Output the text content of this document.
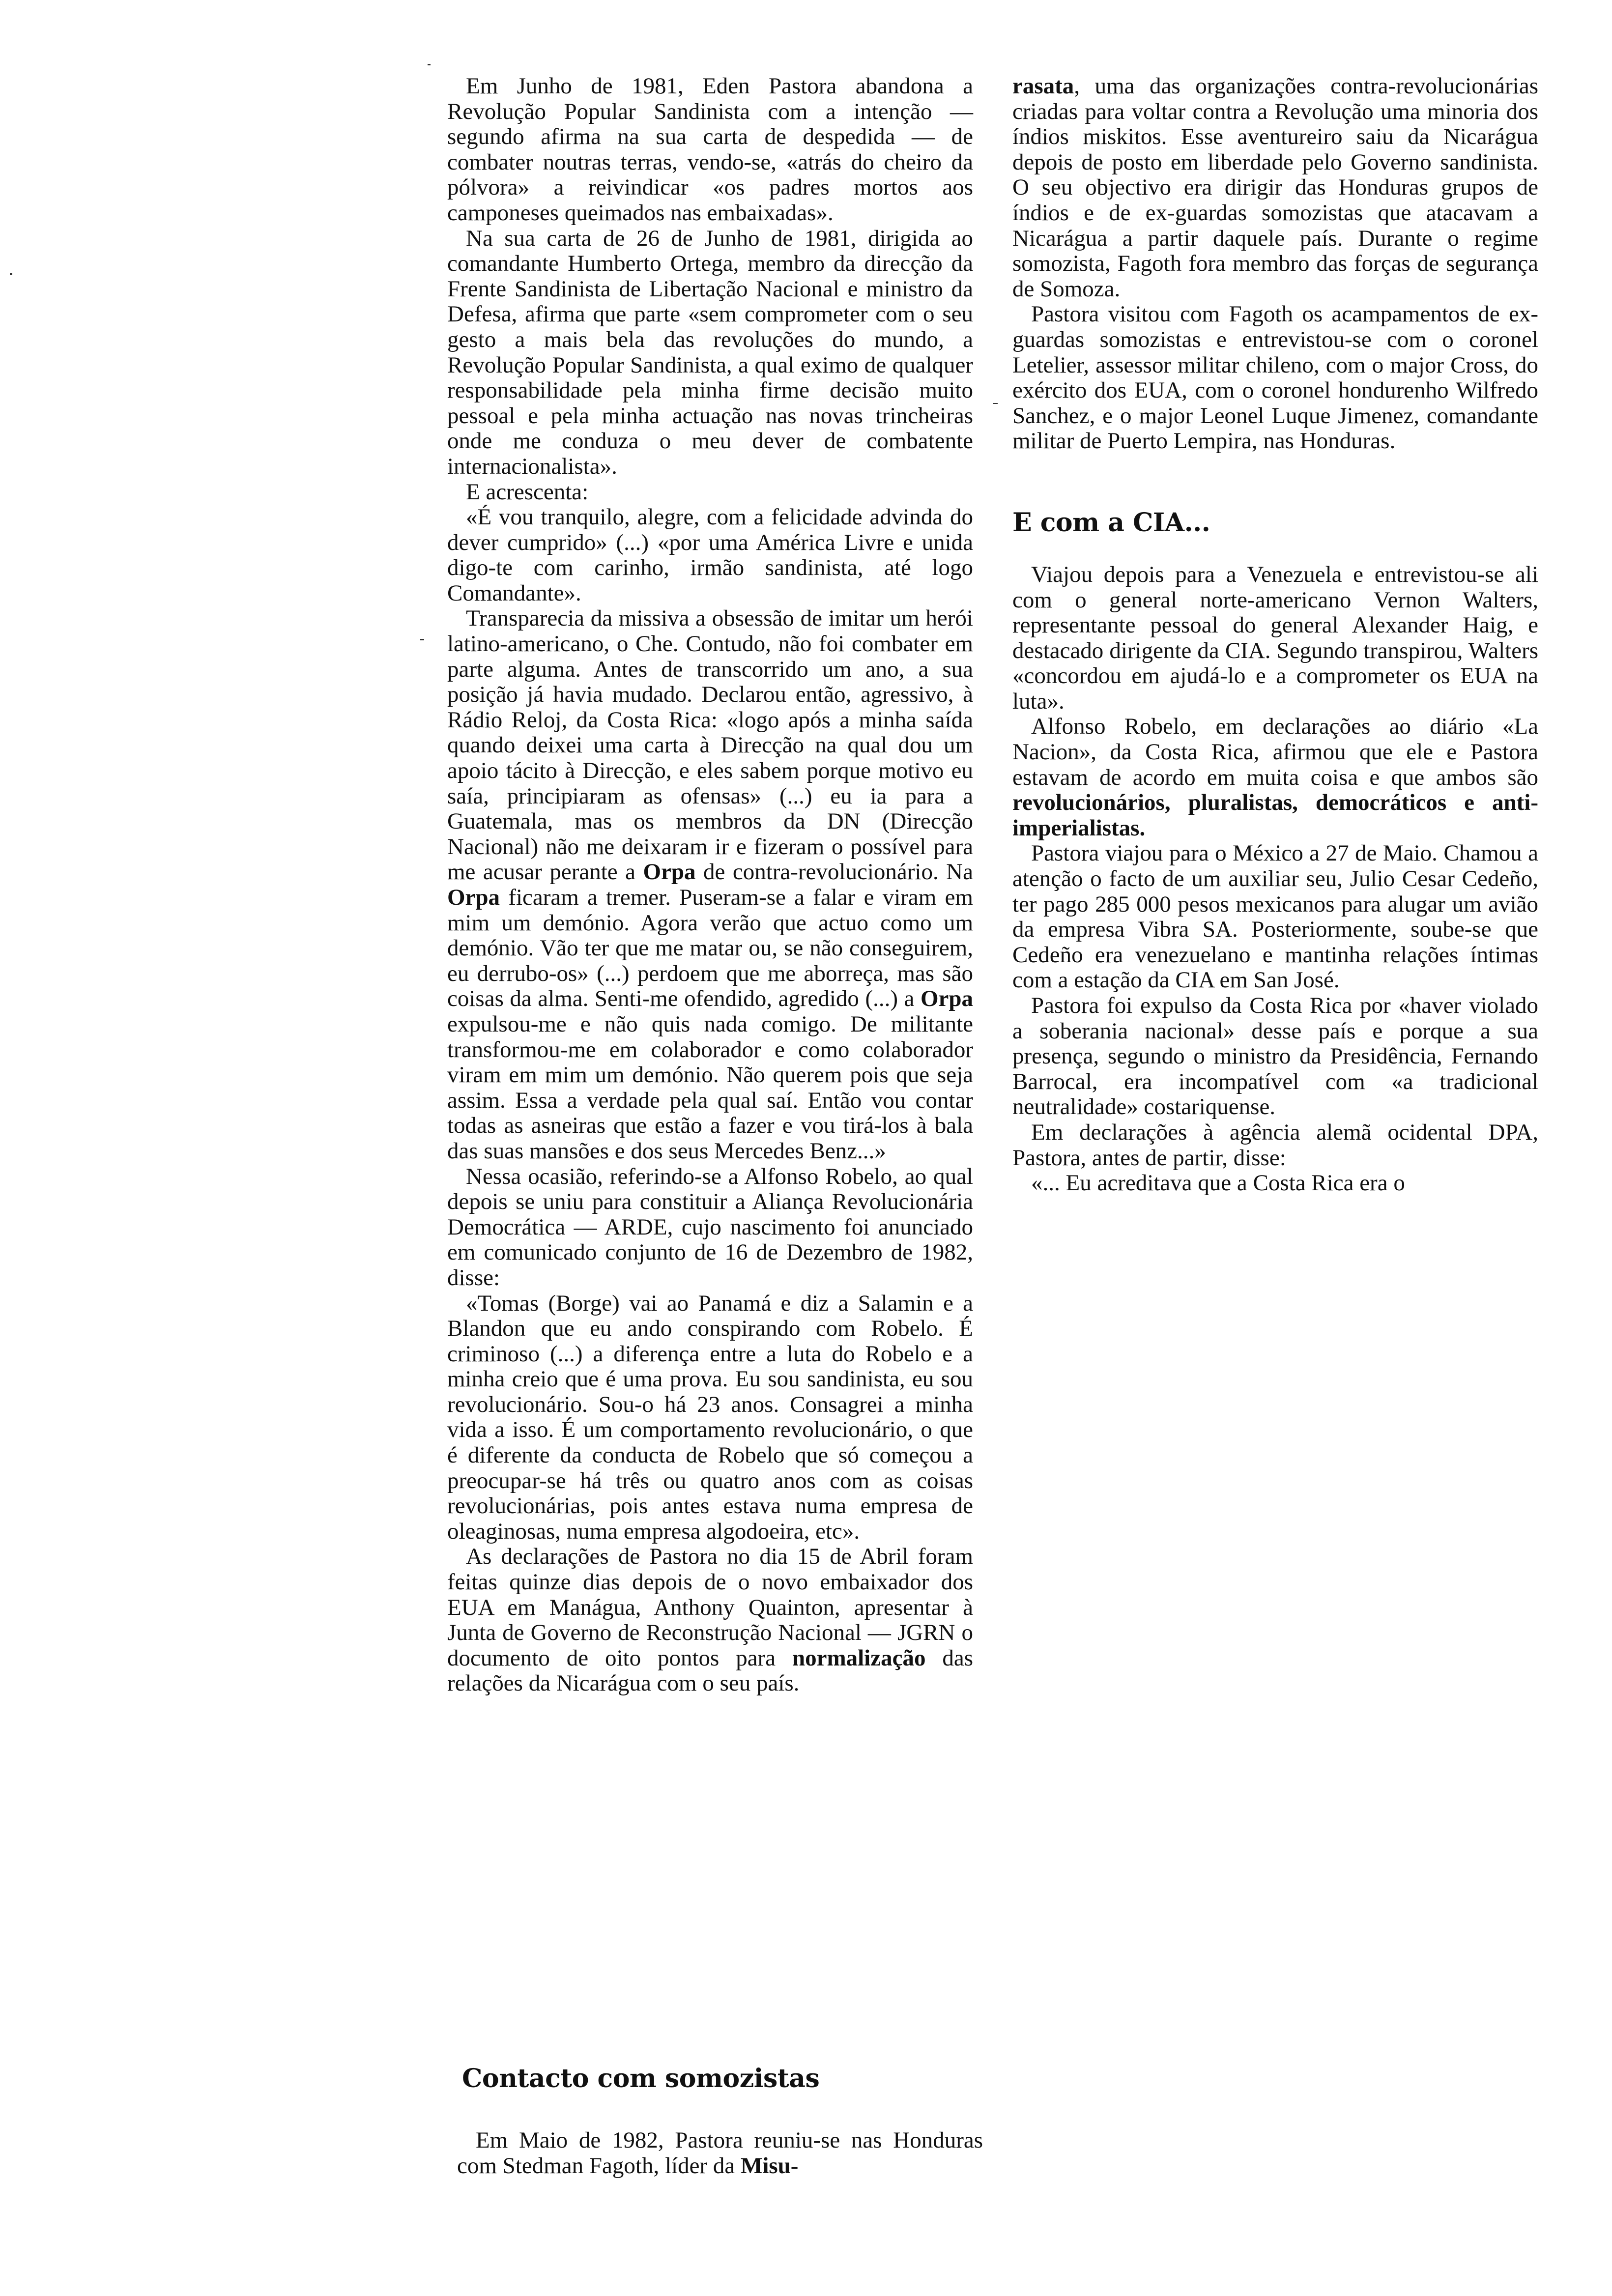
Em Junho de 1981, Eden Pastora abandona a Revolução Popular Sandinista com a intenção — segundo afirma na sua carta de despedida — de combater noutras terras, vendo-se, «atrás do cheiro da pólvora» a reivindicar «os padres mortos aos camponeses queimados nas embaixadas».

Na sua carta de 26 de Junho de 1981, dirigida ao comandante Humberto Ortega, membro da direcção da Frente Sandinista de Libertação Nacional e ministro da Defesa, afirma que parte «sem comprometer com o seu gesto a mais bela das revoluções do mundo, a Revolução Popular Sandinista, a qual eximo de qualquer responsabilidade pela minha firme decisão muito pessoal e pela minha actuação nas novas trincheiras onde me conduza o meu dever de combatente internacionalista».

E acrescenta:

«É vou tranquilo, alegre, com a felicidade advinda do dever cumprido» (...) «por uma América Livre e unida digo-te com carinho, irmão sandinista, até logo Comandante».

Transparecia da missiva a obsessão de imitar um herói latino-americano, o Che. Contudo, não foi combater em parte alguma. Antes de transcorrido um ano, a sua posição já havia mudado. Declarou então, agressivo, à Rádio Reloj, da Costa Rica: «logo após a minha saída quando deixei uma carta à Direcção na qual dou um apoio tácito à Direcção, e eles sabem porque motivo eu saía, principiaram as ofensas» (...) eu ia para a Guatemala, mas os membros da DN (Direcção Nacional) não me deixaram ir e fizeram o possível para me acusar perante a Orpa de contra-revolucionário. Na Orpa ficaram a tremer. Puseram-se a falar e viram em mim um demónio. Agora verão que actuo como um demónio. Vão ter que me matar ou, se não conseguirem, eu derrubo-os» (...) perdoem que me aborreça, mas são coisas da alma. Senti-me ofendido, agredido (...) a Orpa expulsou-me e não quis nada comigo. De militante transformou-me em colaborador e como colaborador viram em mim um demónio. Não querem pois que seja assim. Essa a verdade pela qual saí. Então vou contar todas as asneiras que estão a fazer e vou tirá-los à bala das suas mansões e dos seus Mercedes Benz...»

Nessa ocasião, referindo-se a Alfonso Robelo, ao qual depois se uniu para constituir a Aliança Revolucionária Democrática — ARDE, cujo nascimento foi anunciado em comunicado conjunto de 16 de Dezembro de 1982, disse:

«Tomas (Borge) vai ao Panamá e diz a Salamin e a Blandon que eu ando conspirando com Robelo. É criminoso (...) a diferença entre a luta do Robelo e a minha creio que é uma prova. Eu sou sandinista, eu sou revolucionário. Sou-o há 23 anos. Consagrei a minha vida a isso. É um comportamento revolucionário, o que é diferente da conducta de Robelo que só começou a preocupar-se há três ou quatro anos com as coisas revolucionárias, pois antes estava numa empresa de oleaginosas, numa empresa algodoeira, etc».

As declarações de Pastora no dia 15 de Abril foram feitas quinze dias depois de o novo embaixador dos EUA em Manágua, Anthony Quainton, apresentar à Junta de Governo de Reconstrução Nacional — JGRN o documento de oito pontos para normalização das relações da Nicarágua com o seu país.

Contacto com somozistas

Em Maio de 1982, Pastora reuniu-se nas Honduras com Stedman Fagoth, líder da Misu-

rasata, uma das organizações contra-revolucionárias criadas para voltar contra a Revolução uma minoria dos índios miskitos. Esse aventureiro saiu da Nicarágua depois de posto em liberdade pelo Governo sandinista. O seu objectivo era dirigir das Honduras grupos de índios e de ex-guardas somozistas que atacavam a Nicarágua a partir daquele país. Durante o regime somozista, Fagoth fora membro das forças de segurança de Somoza.

Pastora visitou com Fagoth os acampamentos de ex-guardas somozistas e entrevistou-se com o coronel Letelier, assessor militar chileno, com o major Cross, do exército dos EUA, com o coronel hondurenho Wilfredo Sanchez, e o major Leonel Luque Jimenez, comandante militar de Puerto Lempira, nas Honduras.

E com a CIA...

Viajou depois para a Venezuela e entrevistou-se ali com o general norte-americano Vernon Walters, representante pessoal do general Alexander Haig, e destacado dirigente da CIA. Segundo transpirou, Walters «concordou em ajudá-lo e a comprometer os EUA na luta».

Alfonso Robelo, em declarações ao diário «La Nacion», da Costa Rica, afirmou que ele e Pastora estavam de acordo em muita coisa e que ambos são revolucionários, pluralistas, democráticos e anti-imperialistas.

Pastora viajou para o México a 27 de Maio. Chamou a atenção o facto de um auxiliar seu, Julio Cesar Cedeño, ter pago 285 000 pesos mexicanos para alugar um avião da empresa Vibra SA. Posteriormente, soube-se que Cedeño era venezuelano e mantinha relações íntimas com a estação da CIA em San José.

Pastora foi expulso da Costa Rica por «haver violado a soberania nacional» desse país e porque a sua presença, segundo o ministro da Presidência, Fernando Barrocal, era incompatível com «a tradicional neutralidade» costariquense.

Em declarações à agência alemã ocidental DPA, Pastora, antes de partir, disse:

«... Eu acreditava que a Costa Rica era o
